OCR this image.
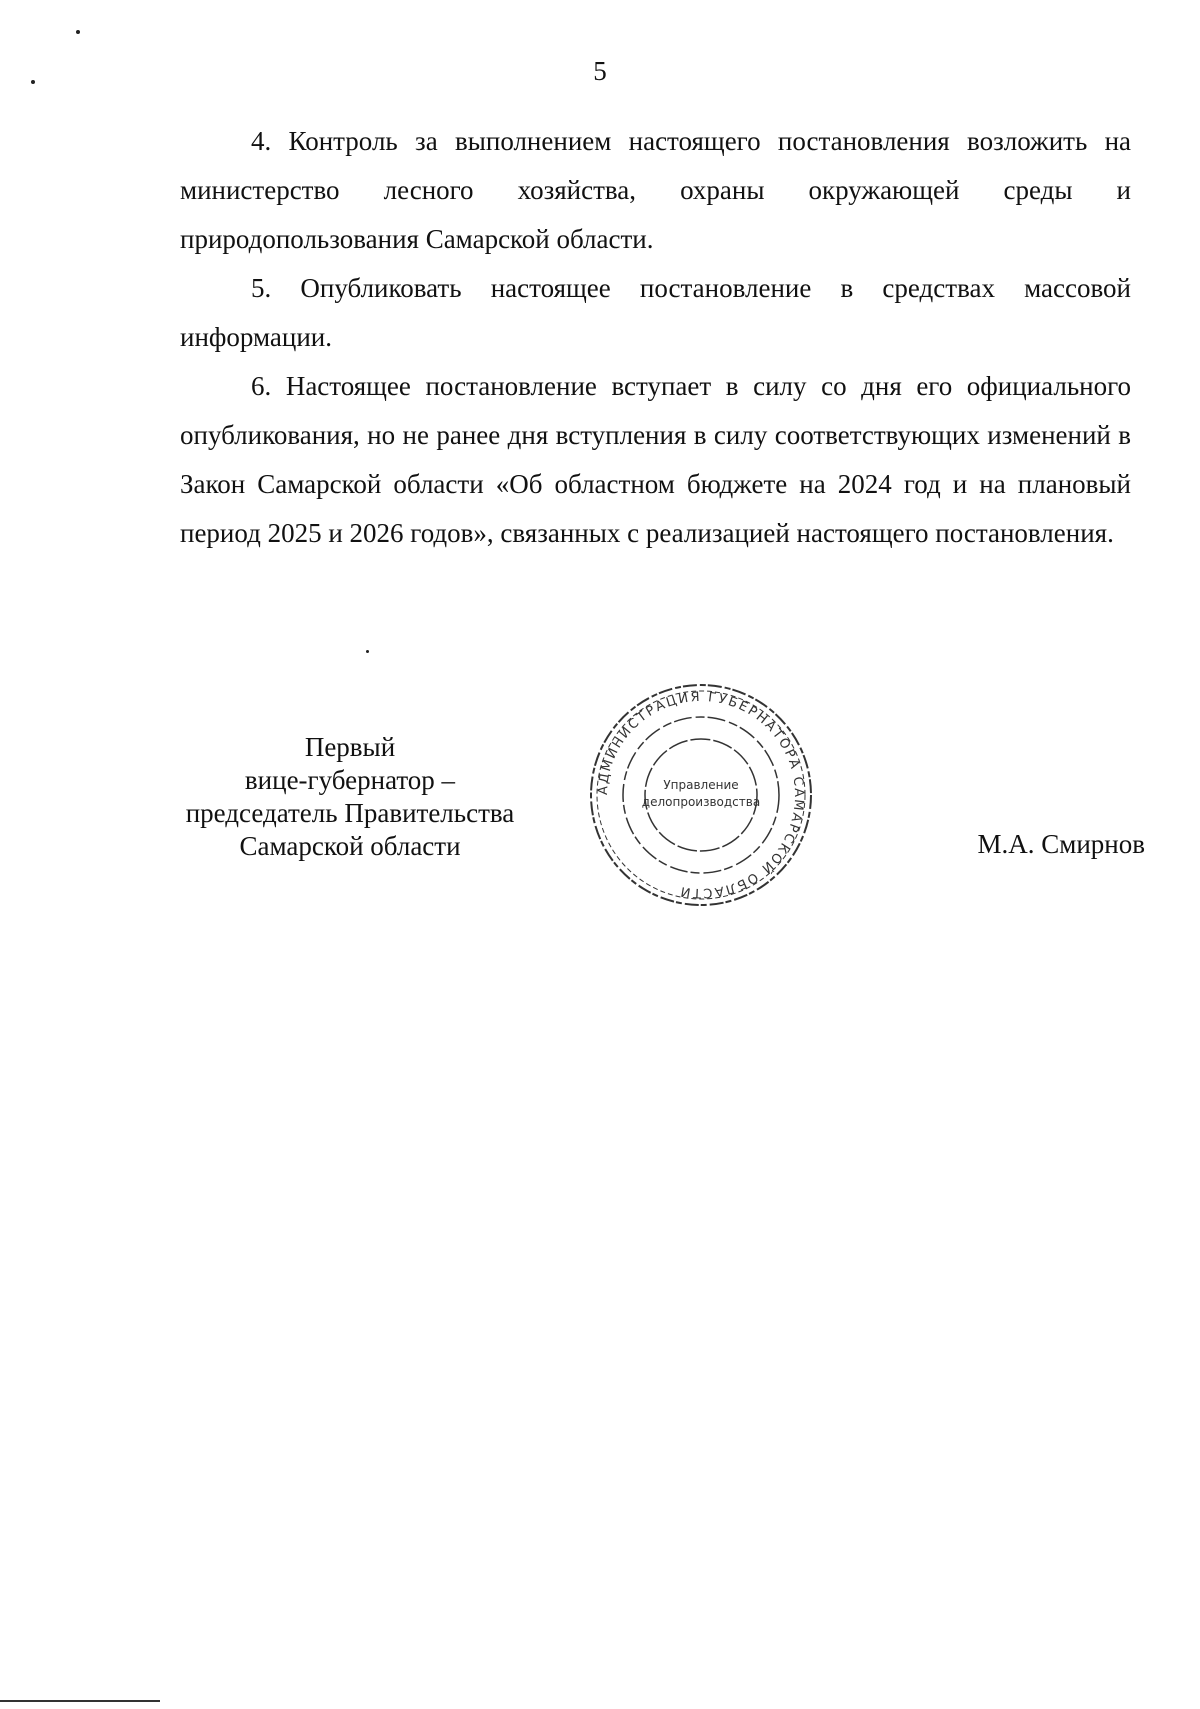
5

4. Контроль за выполнением настоящего постановления возложить на министерство лесного хозяйства, охраны окружающей среды и природопользования Самарской области.

5. Опубликовать настоящее постановление в средствах массовой информации.

6. Настоящее постановление вступает в силу со дня его официального опубликования, но не ранее дня вступления в силу соответствующих изменений в Закон Самарской области «Об областном бюджете на 2024 год и на плановый период 2025 и 2026 годов», связанных с реализацией настоящего постановления.

Первый
вице-губернатор –
председатель Правительства
Самарской области
АДМИНИСТРАЦИЯ ГУБЕРНАТОРА САМАРСКОЙ ОБЛАСТИ
Управление
делопроизводства
М.А. Смирнов
